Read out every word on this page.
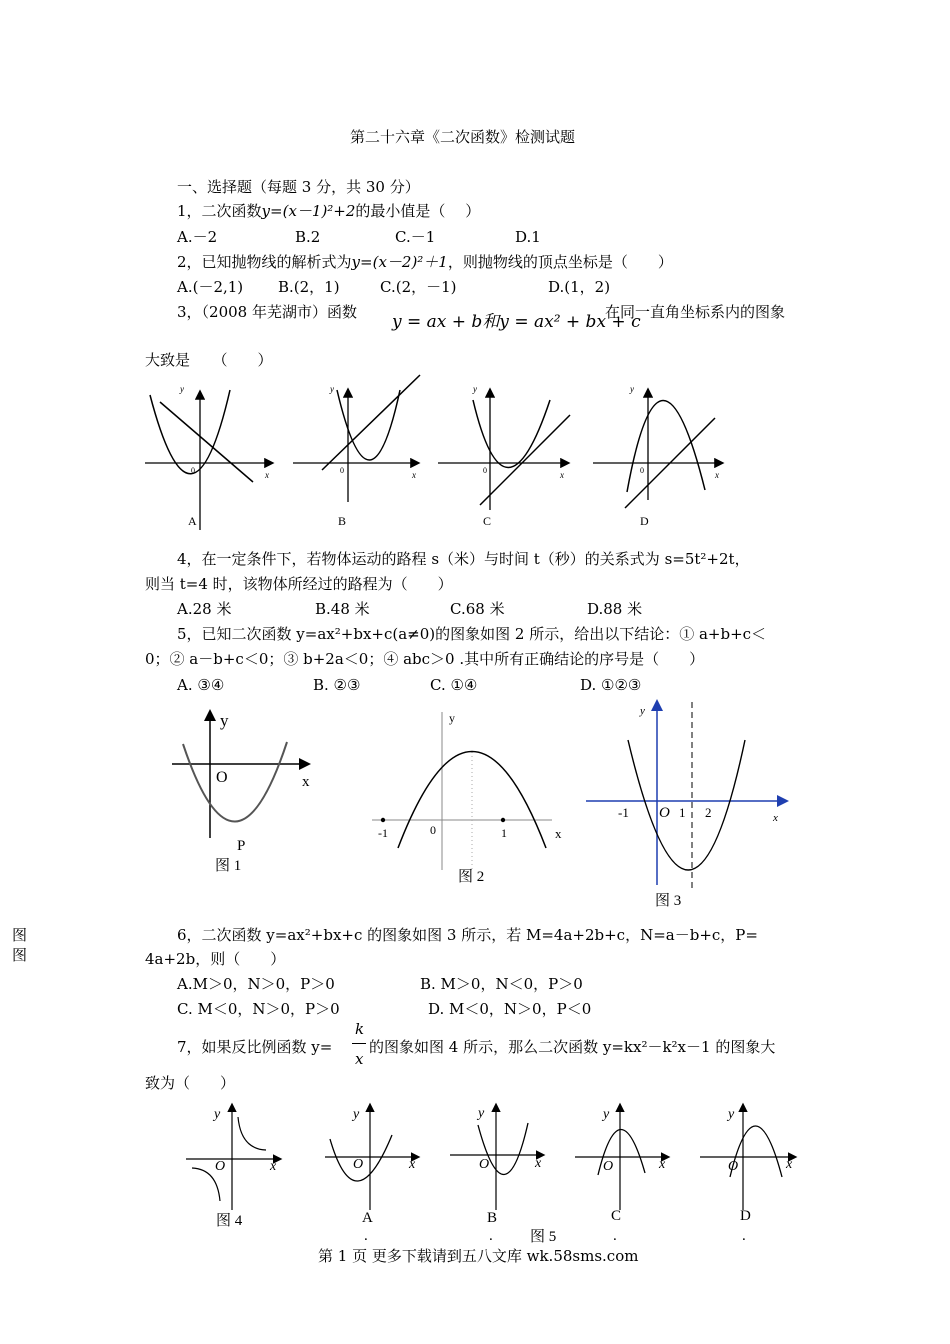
第二十六章《二次函数》检测试题
一、选择题（每题 3 分，共 30 分）
1，二次函数y=(x－1)²+2的最小值是（　 ）
A.－2	B.2	C.－1	D.1
2，已知抛物线的解析式为y=(x－2)²＋1，则抛物线的顶点坐标是（　　）
A.(－2,1) B.(2，1)	C.(2，－1)	D.(1，2)
3，（2008 年芜湖市）函数 y = ax + b和y = ax² + bx + c
在同一直角坐标系内的图象
大致是　　（　　）
y
x
0
A
y
x
0
B
y
x
0
C
y
x
0
D
4，在一定条件下，若物体运动的路程 s（米）与时间 t（秒）的关系式为 s=5t²+2t，
则当 t=4 时，该物体所经过的路程为（　　）
A.28 米	B.48 米	C.68 米	D.88 米
5，已知二次函数 y=ax²+bx+c(a≠0)的图象如图 2 所示，给出以下结论：① a+b+c＜
0；② a－b+c＜0；③ b+2a＜0；④ abc＞0 .其中所有正确结论的序号是（　　）
A. ③④	B. ②③	C. ①④	D. ①②③
y
x
O
P
图 1
y
x
0
-1	1
图 2
y
x
O
-1	1 2
图 3
图
图
6，二次函数 y=ax²+bx+c 的图象如图 3 所示，若 M=4a+2b+c，N=a－b+c，P=
4a+2b，则（　　）
A.M＞0，N＞0，P＞0	B. M＞0，N＜0，P＞0
C. M＜0，N＞0，P＞0	D. M＜0，N＞0，P＜0
7，如果反比例函数 y=
k
x
的图象如图 4 所示，那么二次函数 y=kx²－k²x－1 的图象大
致为（　　）
y
x
O
图 4
y
x
O
A
.
y
x
O
B
.
y
x
O
C
.
y
x
O
D
.
图 5
第 1 页 更多下载请到五八文库 wk.58sms.com
